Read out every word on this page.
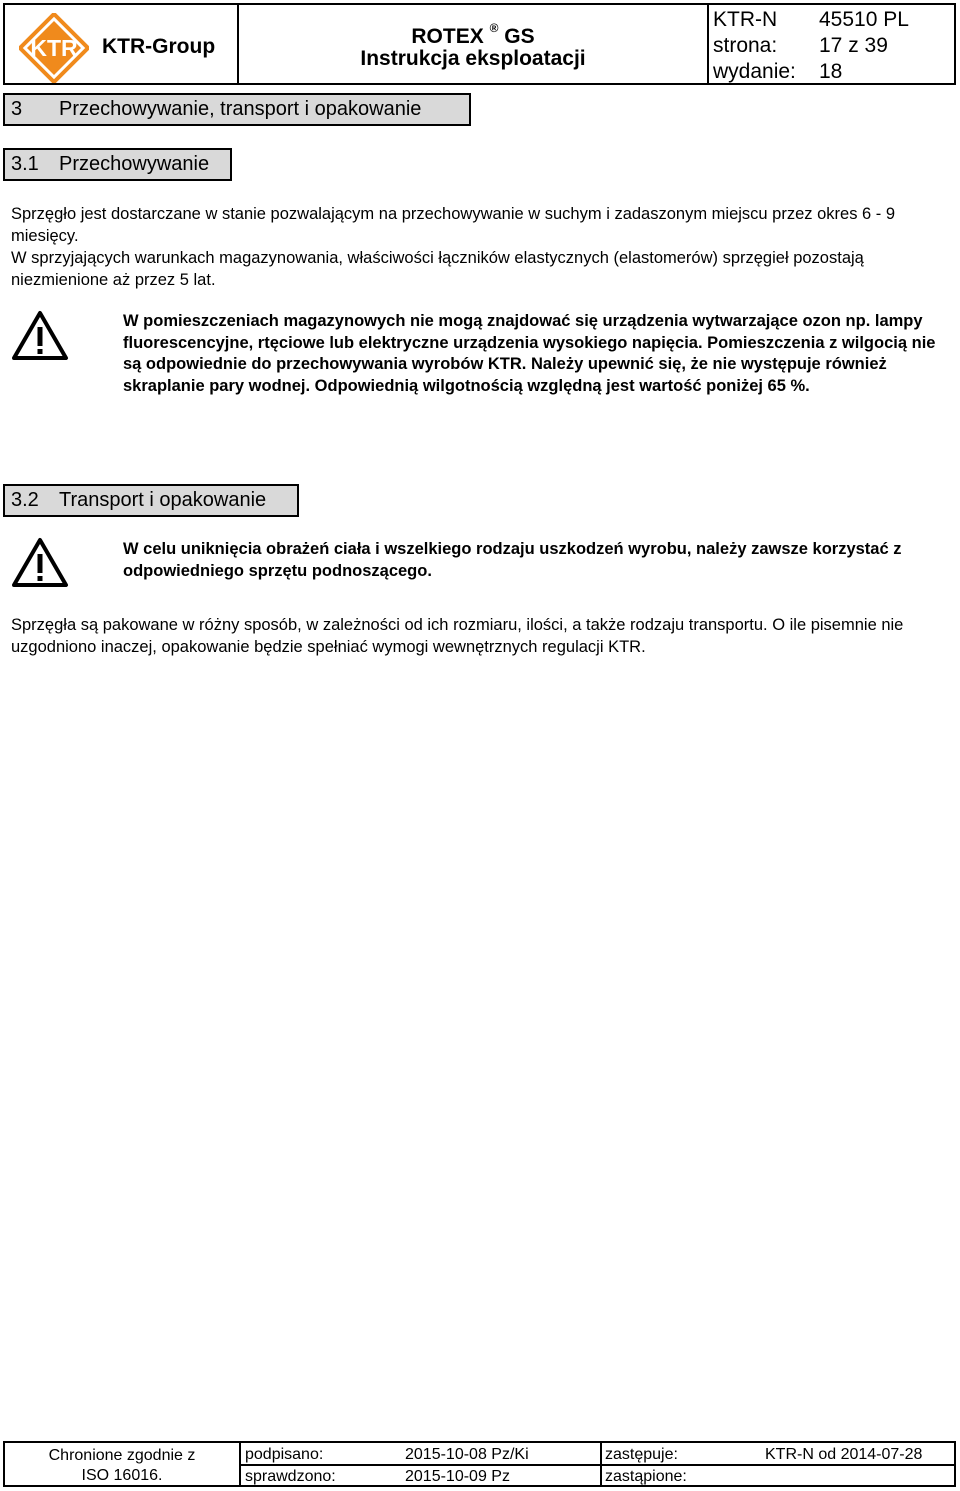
KTR KTR-Group	ROTEX ® GS
Instrukcja eksploatacji
KTR-N 45510 PL
strona: 17 z 39
wydanie: 18
3 Przechowywanie, transport i opakowanie
3.1 Przechowywanie
Sprzęgło jest dostarczane w stanie pozwalającym na przechowywanie w suchym i zadaszonym miejscu przez okres 6 - 9 miesięcy.
W sprzyjających warunkach magazynowania, właściwości łączników elastycznych (elastomerów) sprzęgieł pozostają niezmienione aż przez 5 lat.
W pomieszczeniach magazynowych nie mogą znajdować się urządzenia wytwarzające ozon np. lampy fluorescencyjne, rtęciowe lub elektryczne urządzenia wysokiego napięcia. Pomieszczenia z wilgocią nie są odpowiednie do przechowywania wyrobów KTR. Należy upewnić się, że nie występuje również skraplanie pary wodnej. Odpowiednią wilgotnością względną jest wartość poniżej 65 %.
3.2 Transport i opakowanie
W celu uniknięcia obrażeń ciała i wszelkiego rodzaju uszkodzeń wyrobu, należy zawsze korzystać z odpowiedniego sprzętu podnoszącego.
Sprzęgła są pakowane w różny sposób, w zależności od ich rozmiaru, ilości, a także rodzaju transportu. O ile pisemnie nie uzgodniono inaczej, opakowanie będzie spełniać wymogi wewnętrznych regulacji KTR.
Chronione zgodnie z
ISO 16016.
podpisano:	2015-10-08 Pz/Ki	zastępuje:	KTR-N od 2014-07-28
sprawdzono:	2015-10-09 Pz	zastąpione:
